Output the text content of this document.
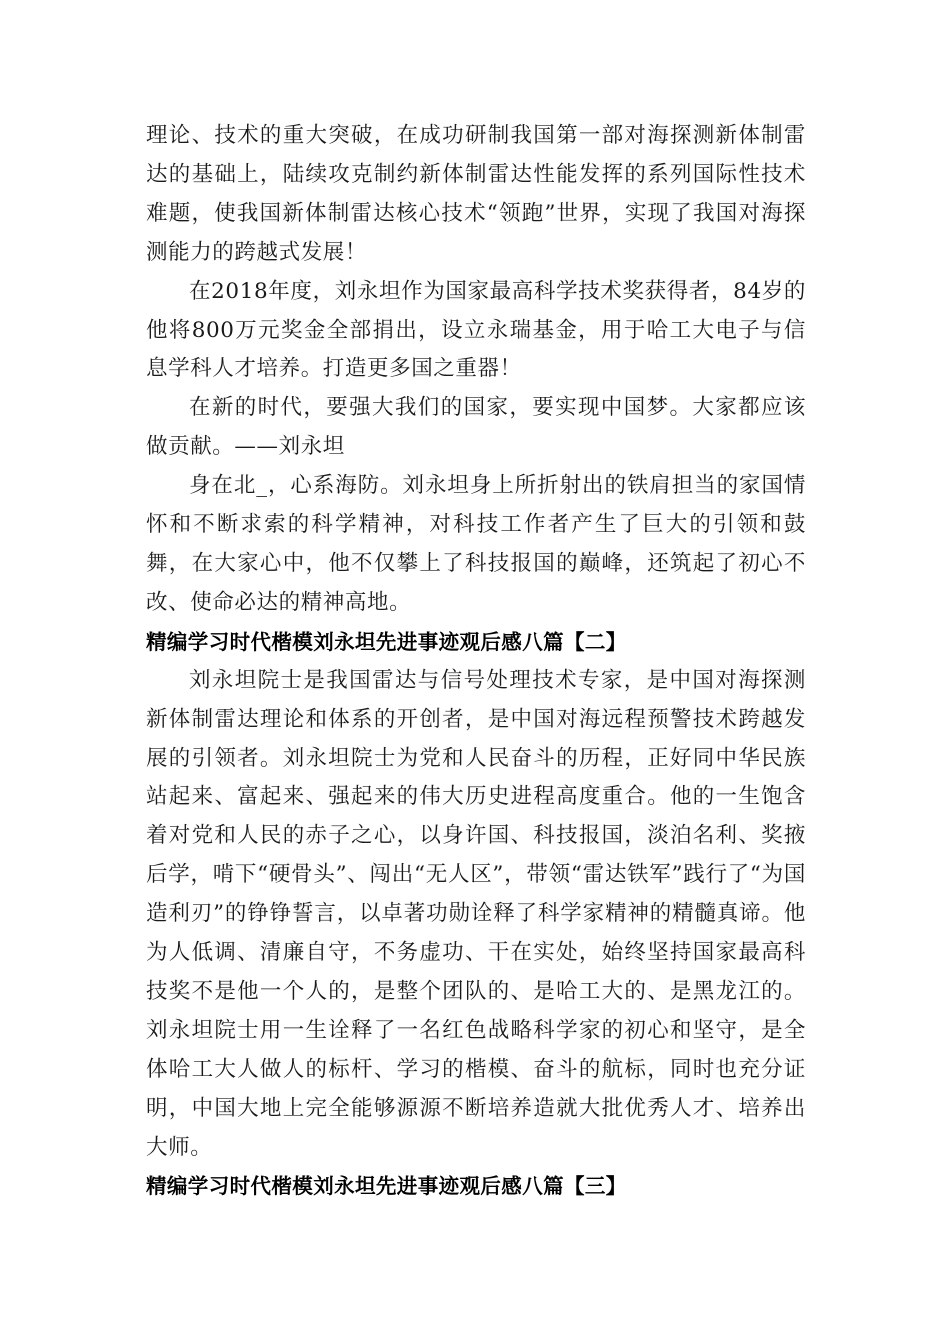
理论、技术的重大突破，在成功研制我国第一部对海探测新体制雷达的基础上，陆续攻克制约新体制雷达性能发挥的系列国际性技术难题，使我国新体制雷达核心技术“领跑”世界，实现了我国对海探测能力的跨越式发展！

在2018年度，刘永坦作为国家最高科学技术奖获得者，84岁的他将800万元奖金全部捐出，设立永瑞基金，用于哈工大电子与信息学科人才培养。打造更多国之重器！

在新的时代，要强大我们的国家，要实现中国梦。大家都应该做贡献。——刘永坦

身在北_，心系海防。刘永坦身上所折射出的铁肩担当的家国情怀和不断求索的科学精神，对科技工作者产生了巨大的引领和鼓舞，在大家心中，他不仅攀上了科技报国的巅峰，还筑起了初心不改、使命必达的精神高地。

精编学习时代楷模刘永坦先进事迹观后感八篇【二】

刘永坦院士是我国雷达与信号处理技术专家，是中国对海探测新体制雷达理论和体系的开创者，是中国对海远程预警技术跨越发展的引领者。刘永坦院士为党和人民奋斗的历程，正好同中华民族站起来、富起来、强起来的伟大历史进程高度重合。他的一生饱含着对党和人民的赤子之心，以身许国、科技报国，淡泊名利、奖掖后学，啃下“硬骨头”、闯出“无人区”，带领“雷达铁军”践行了“为国造利刃”的铮铮誓言，以卓著功勋诠释了科学家精神的精髓真谛。他为人低调、清廉自守，不务虚功、干在实处，始终坚持国家最高科技奖不是他一个人的，是整个团队的、是哈工大的、是黑龙江的。刘永坦院士用一生诠释了一名红色战略科学家的初心和坚守，是全体哈工大人做人的标杆、学习的楷模、奋斗的航标，同时也充分证明，中国大地上完全能够源源不断培养造就大批优秀人才、培养出大师。

精编学习时代楷模刘永坦先进事迹观后感八篇【三】
